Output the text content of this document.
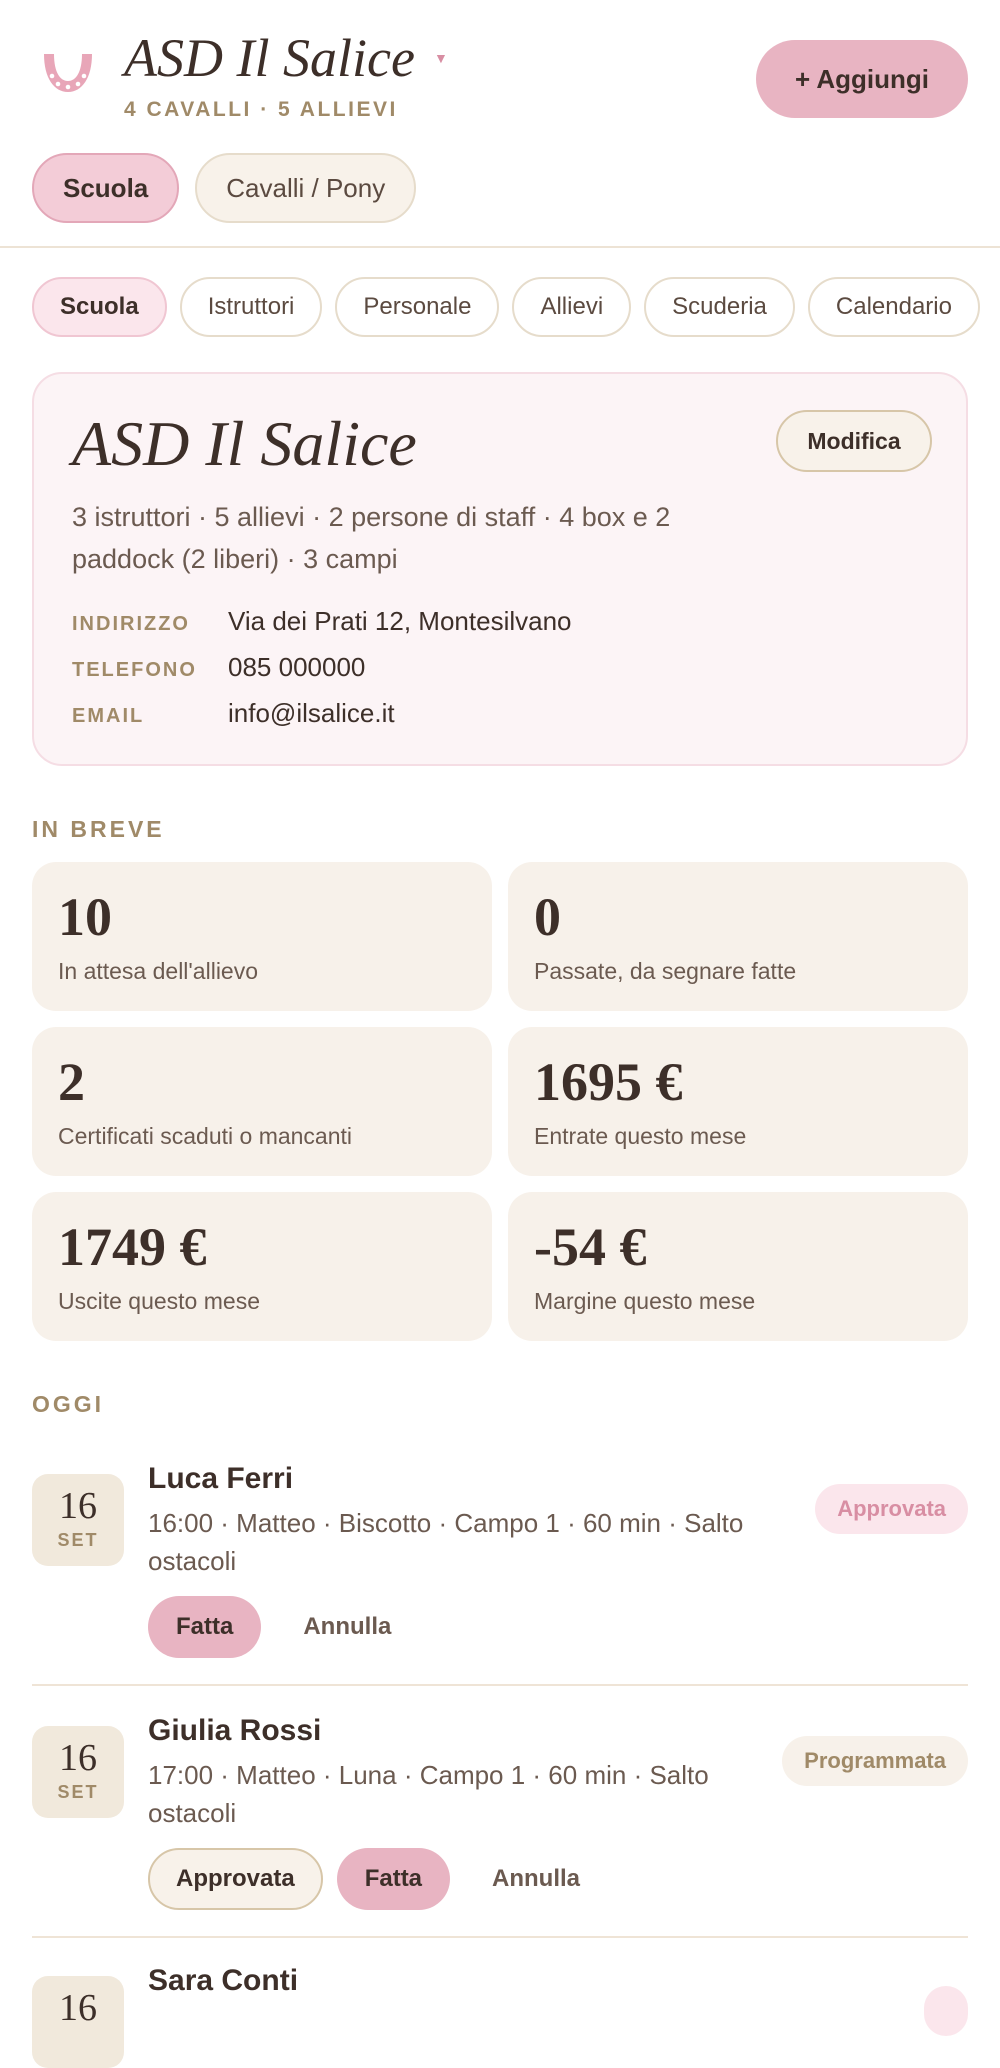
ASD Il Salice ▼
4 CAVALLI · 5 ALLIEVI
+ Aggiungi
Scuola	Cavalli / Pony
Scuola	Istruttori	Personale	Allievi	Scuderia	Calendario
ASD Il Salice	Modifica
3 istruttori · 5 allievi · 2 persone di staff · 4 box e 2 paddock (2 liberi) · 3 campi
INDIRIZZO	Via dei Prati 12, Montesilvano
TELEFONO	085 000000
EMAIL	info@ilsalice.it
IN BREVE
10
In attesa dell'allievo
0
Passate, da segnare fatte
2
Certificati scaduti o mancanti
1695 €
Entrate questo mese
1749 €
Uscite questo mese
-54 €
Margine questo mese
OGGI
16
SET
Luca Ferri
16:00 · Matteo · Biscotto · Campo 1 · 60 min · Salto ostacoli
Approvata
Fatta	Annulla
16
SET
Giulia Rossi
17:00 · Matteo · Luna · Campo 1 · 60 min · Salto ostacoli
Programmata
Approvata	Fatta	Annulla
16
Sara Conti
